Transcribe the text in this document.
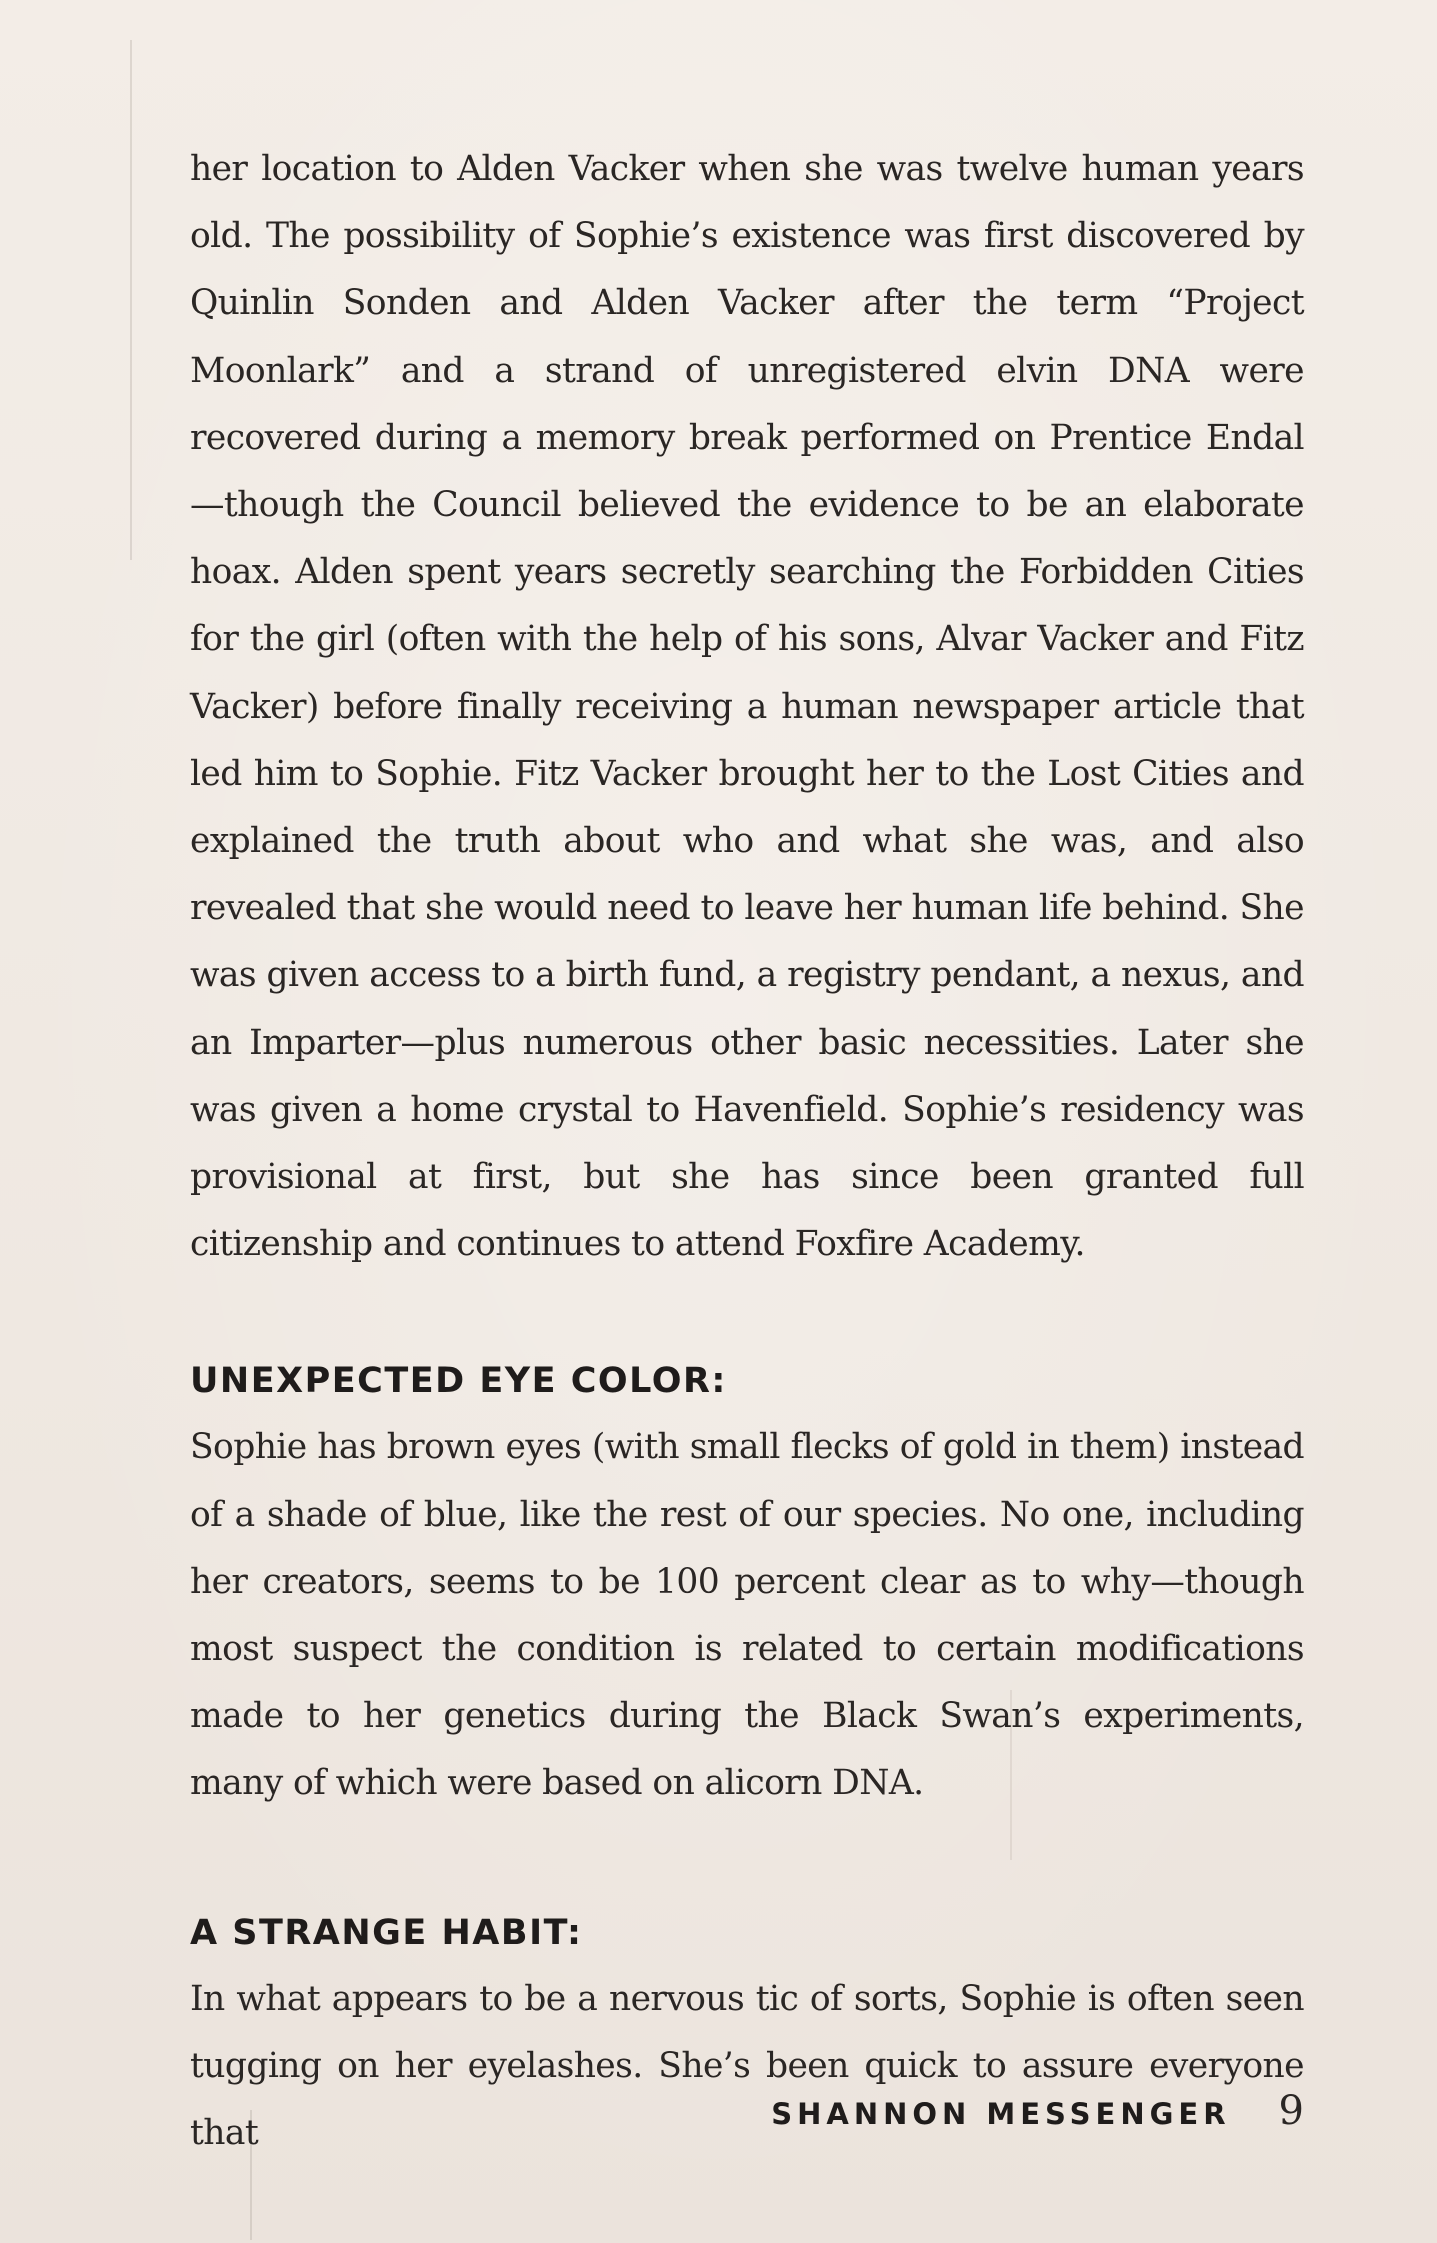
her location to Alden Vacker when she was twelve human years old. The possibility of Sophie’s existence was first discovered by Quinlin Sonden and Alden Vacker after the term “Project Moonlark” and a strand of unregistered elvin DNA were recovered during a memory break performed on Prentice Endal—though the Council believed the evidence to be an elaborate hoax. Alden spent years secretly searching the Forbidden Cities for the girl (often with the help of his sons, Alvar Vacker and Fitz Vacker) before finally receiving a human newspaper article that led him to Sophie. Fitz Vacker brought her to the Lost Cities and explained the truth about who and what she was, and also revealed that she would need to leave her human life behind. She was given access to a birth fund, a registry pendant, a nexus, and an Imparter—plus numerous other basic necessities. Later she was given a home crystal to Havenfield. Sophie’s residency was provisional at first, but she has since been granted full citizenship and continues to attend Foxfire Academy.

UNEXPECTED EYE COLOR:

Sophie has brown eyes (with small flecks of gold in them) instead of a shade of blue, like the rest of our species. No one, including her creators, seems to be 100 percent clear as to why—though most suspect the condition is related to certain modifications made to her genetics during the Black Swan’s experiments, many of which were based on alicorn DNA.

A STRANGE HABIT:

In what appears to be a nervous tic of sorts, Sophie is often seen tugging on her eyelashes. She’s been quick to assure everyone that	SHANNON MESSENGER 9
